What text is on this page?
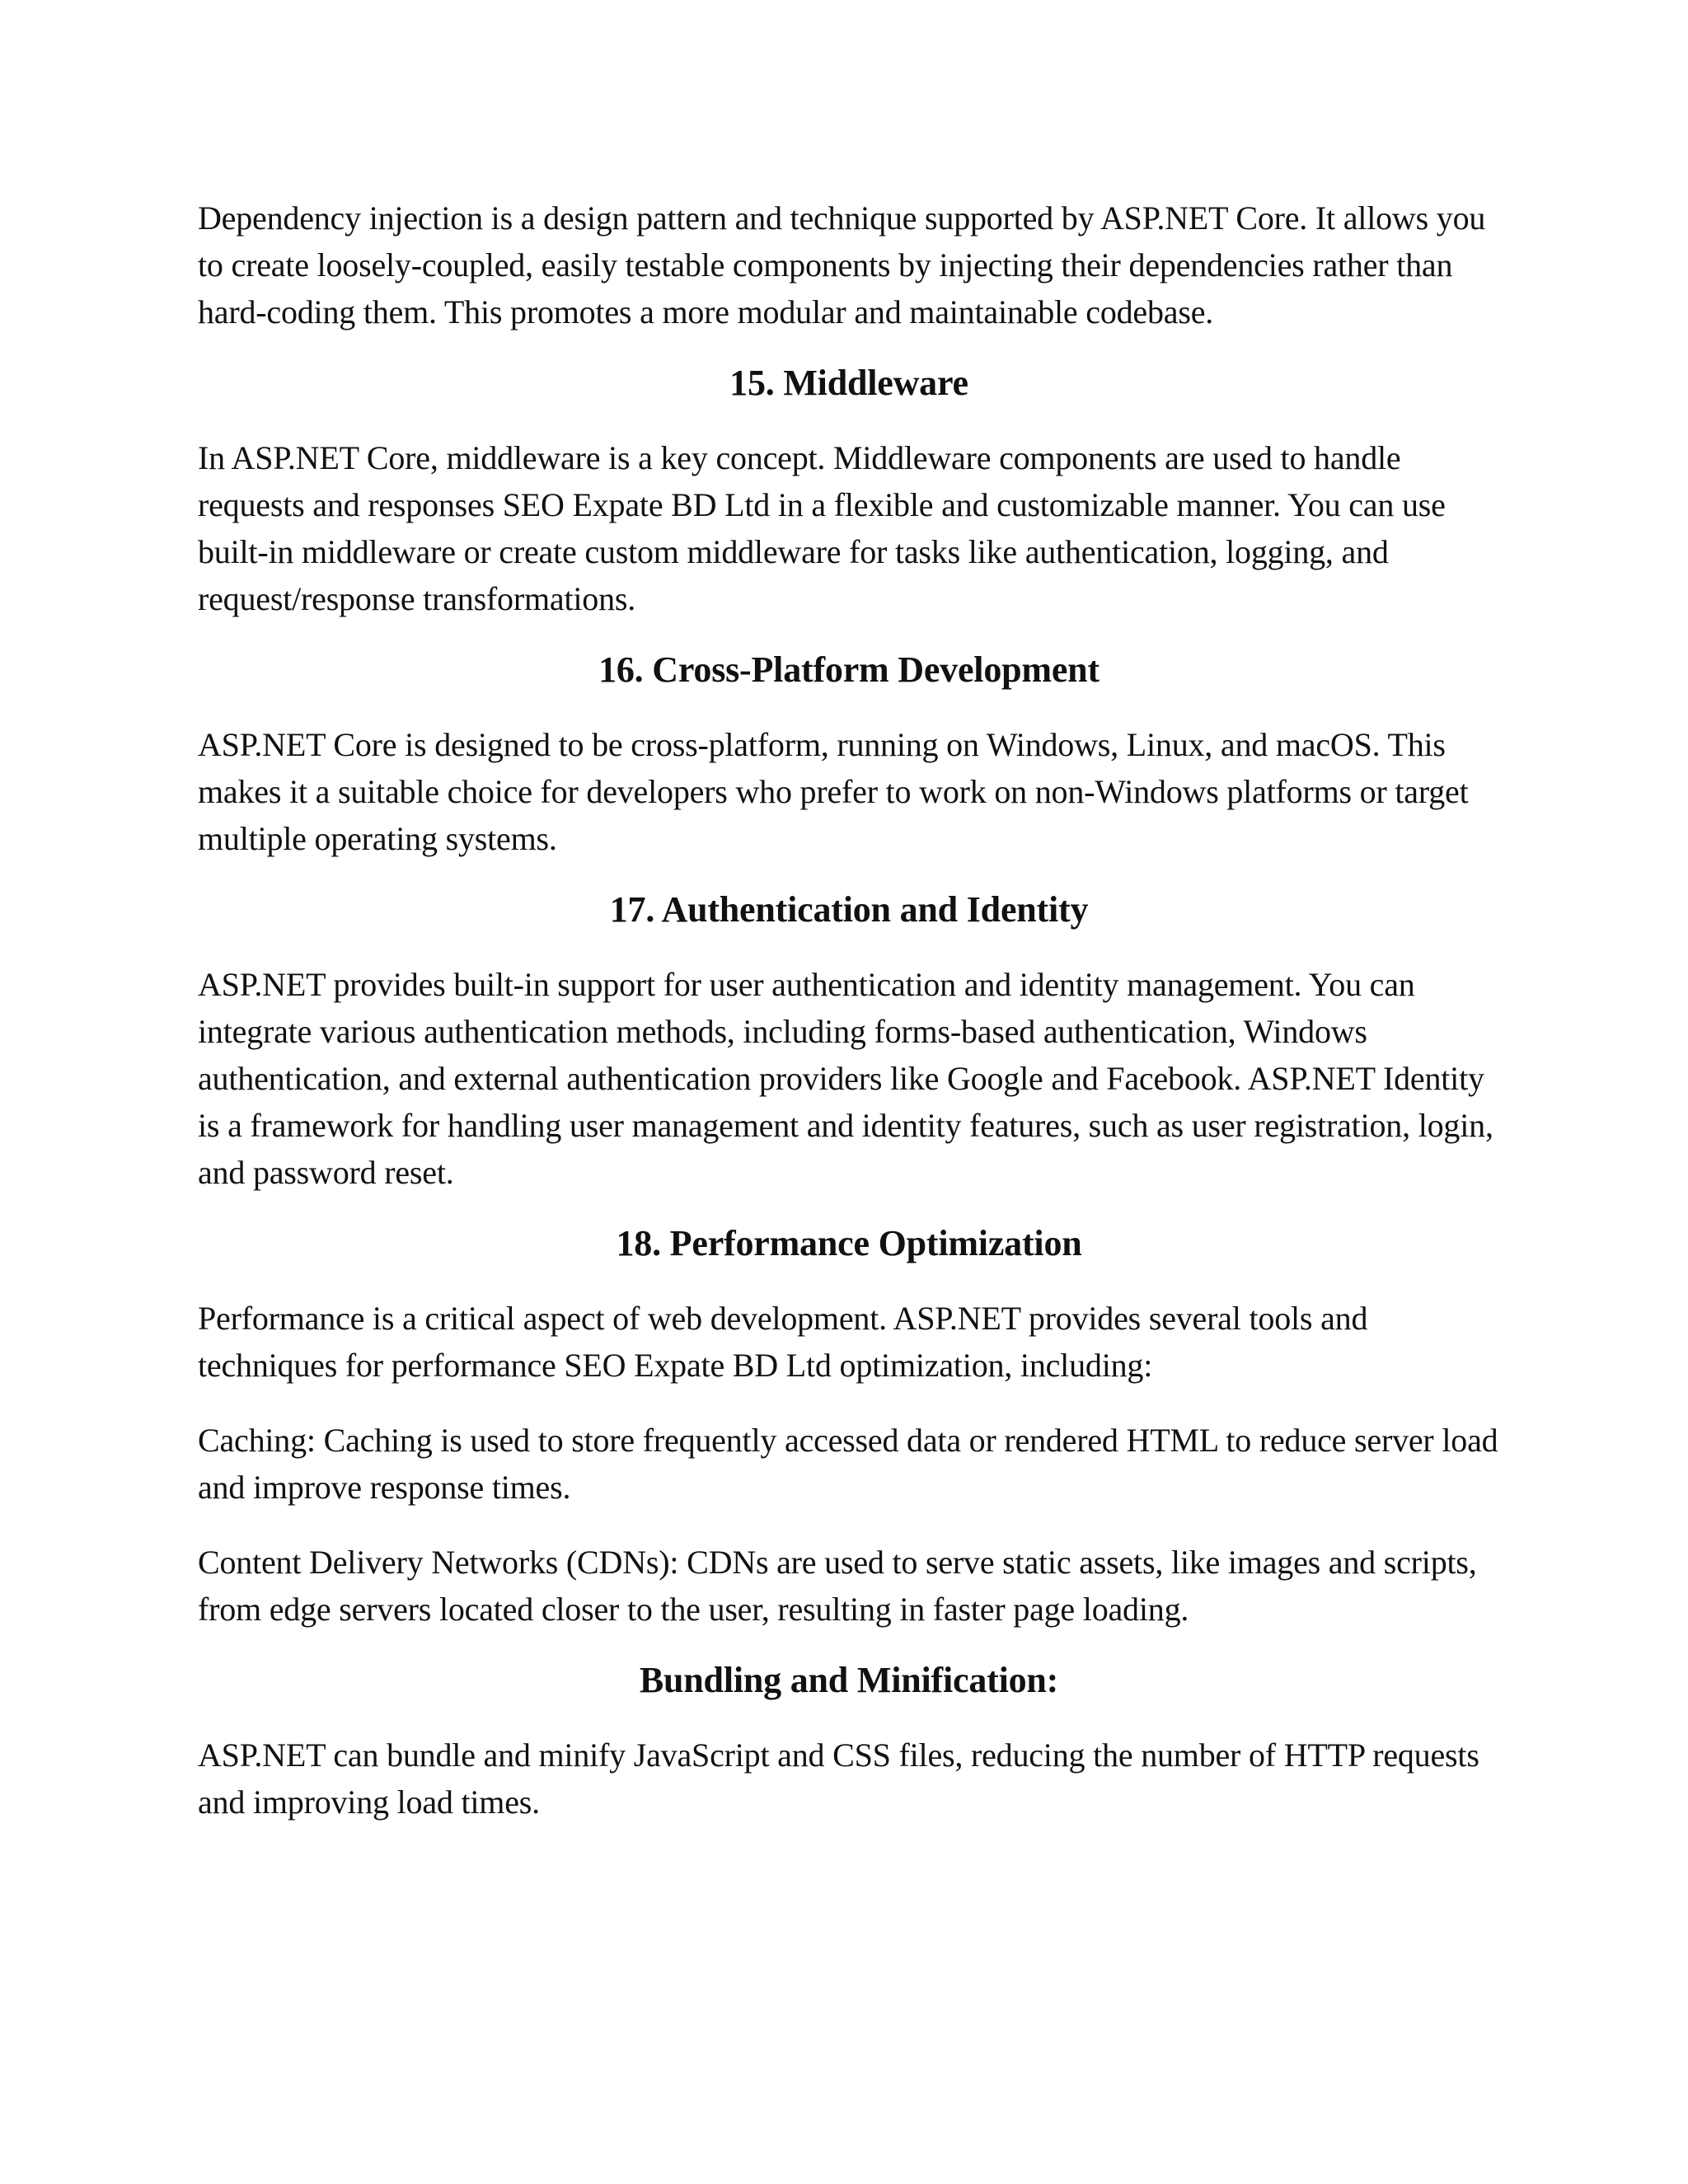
Dependency injection is a design pattern and technique supported by ASP.NET Core. It allows you to create loosely-coupled, easily testable components by injecting their dependencies rather than hard-coding them. This promotes a more modular and maintainable codebase.

15. Middleware

In ASP.NET Core, middleware is a key concept. Middleware components are used to handle requests and responses SEO Expate BD Ltd in a flexible and customizable manner. You can use built-in middleware or create custom middleware for tasks like authentication, logging, and request/response transformations.

16. Cross-Platform Development

ASP.NET Core is designed to be cross-platform, running on Windows, Linux, and macOS. This makes it a suitable choice for developers who prefer to work on non-Windows platforms or target multiple operating systems.

17. Authentication and Identity

ASP.NET provides built-in support for user authentication and identity management. You can integrate various authentication methods, including forms-based authentication, Windows authentication, and external authentication providers like Google and Facebook. ASP.NET Identity is a framework for handling user management and identity features, such as user registration, login, and password reset.

18. Performance Optimization

Performance is a critical aspect of web development. ASP.NET provides several tools and techniques for performance SEO Expate BD Ltd optimization, including:

Caching: Caching is used to store frequently accessed data or rendered HTML to reduce server load and improve response times.

Content Delivery Networks (CDNs): CDNs are used to serve static assets, like images and scripts, from edge servers located closer to the user, resulting in faster page loading.

Bundling and Minification:

ASP.NET can bundle and minify JavaScript and CSS files, reducing the number of HTTP requests and improving load times.
